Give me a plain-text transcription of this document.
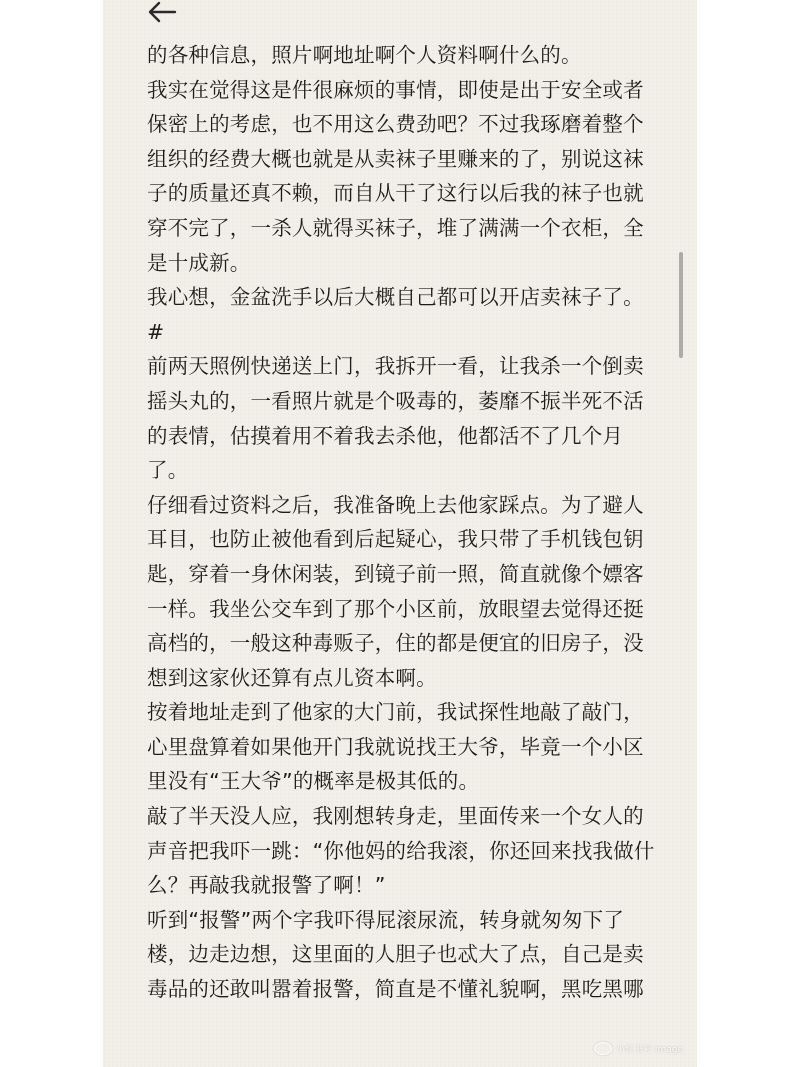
的各种信息，照片啊地址啊个人资料啊什么的。

我实在觉得这是件很麻烦的事情，即使是出于安全或者

保密上的考虑，也不用这么费劲吧？不过我琢磨着整个

组织的经费大概也就是从卖袜子里赚来的了，别说这袜

子的质量还真不赖，而自从干了这行以后我的袜子也就

穿不完了，一杀人就得买袜子，堆了满满一个衣柜，全

是十成新。

我心想，金盆洗手以后大概自己都可以开店卖袜子了。

#

前两天照例快递送上门，我拆开一看，让我杀一个倒卖

摇头丸的，一看照片就是个吸毒的，萎靡不振半死不活

的表情，估摸着用不着我去杀他，他都活不了几个月

了。

仔细看过资料之后，我准备晚上去他家踩点。为了避人

耳目，也防止被他看到后起疑心，我只带了手机钱包钥

匙，穿着一身休闲装，到镜子前一照，简直就像个嫖客

一样。我坐公交车到了那个小区前，放眼望去觉得还挺

高档的，一般这种毒贩子，住的都是便宜的旧房子，没

想到这家伙还算有点儿资本啊。

按着地址走到了他家的大门前，我试探性地敲了敲门，

心里盘算着如果他开门我就说找王大爷，毕竟一个小区

里没有“王大爷”的概率是极其低的。

敲了半天没人应，我刚想转身走，里面传来一个女人的

声音把我吓一跳：“你他妈的给我滚，你还回来找我做什

么？再敲我就报警了啊！”

听到“报警”两个字我吓得屁滚尿流，转身就匆匆下了

楼，边走边想，这里面的人胆子也忒大了点，自己是卖

毒品的还敢叫嚣着报警，简直是不懂礼貌啊，黑吃黑哪

小红书号 Image
